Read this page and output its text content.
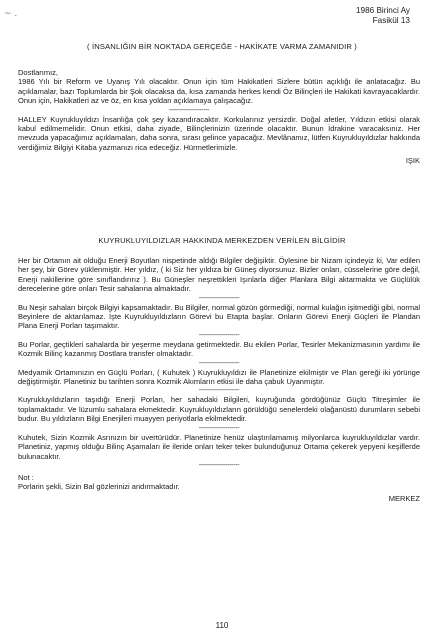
~ .	1986 Birinci Ay
Fasikül 13
( İNSANLIĞIN BİR NOKTADA GERÇEĞE - HAKİKATE VARMA ZAMANIDIR )

Dostlarımız,

1986 Yılı bir Reform ve Uyanış Yılı olacaktır. Onun için tüm Hakikatleri Sizlere bütün açıklığı ile anlatacağız. Bu açıklamalar, bazı Toplumlarda bir Şok olacaksa da, kısa zamanda herkes kendi Öz Bilinçleri ile Hakikati kavrayacaklardır. Onun için, Hakikatleri az ve öz, en kısa yoldan açıklamaya çalışacağız.

--------------------

HALLEY Kuyrukluyıldızı İnsanlığa çok şey kazandıracaktır. Korkularınız yersizdir. Doğal afetler, Yıldızın etkisi olarak kabul edilmemelidir. Onun etkisi, daha ziyade, Bilinçlerinizin üzerinde olacaktır. Bunun İdrakine varacaksınız. Her mevzuda yapacağımız açıklamaları, daha sonra, sırası gelince yapacağız. Mevlânamız, lütfen Kuyrukluyıldızlar hakkında verdiğimiz Bilgiyi Kitaba yazmanızı rica edeceğiz. Hürmetlerimizle.

IŞIK

KUYRUKLUYILDIZLAR HAKKINDA MERKEZDEN VERİLEN BİLGİDİR

Her bir Ortamın ait olduğu Enerji Boyutları nispetinde aldığı Bilgiler değişiktir. Öylesine bir Nizam içindeyiz ki, Var edilen her şey, bir Görev yüklenmiştir. Her yıldız, ( ki Siz her yıldıza bir Güneş diyorsunuz. Bizler onları, cüsselerine göre değil, Enerji nakillerine göre sınıflandırırız ). Bu Güneşler neşrettikleri Işınlarla diğer Planlara Bilgi aktarmakta ve Güçlülük derecelerine göre onları Tesir sahalarına almaktadır.

--------------------

Bu Neşir sahaları birçok Bilgiyi kapsamaktadır. Bu Bilgiler, normal gözün görmediği, normal kulağın işitmediği gibi, normal Beyinlere de aktarılamaz. İşte Kuyrukluyıldızların Görevi bu Etapta başlar. Onların Görevi Enerji Güçleri ile Plandan Plana Enerji Porları taşımaktır.

--------------------

Bu Porlar, geçtikleri sahalarda bir yeşerme meydana getirmektedir. Bu ekilen Porlar, Tesirler Mekanizmasının yardımı ile Kozmik Bilinç kazanmış Dostlara transfer olmaktadır.

--------------------

Medyamik Ortamınızın en Güçlü Porları, ( Kuhutek ) Kuyrukluyıldızı ile Planetinize ekilmiştir ve Plan gereği iki yörünge değiştirmiştir. Planetiniz bu tarihten sonra Kozmik Akımların etkisi ile daha çabuk Uyanmıştır.

--------------------

Kuyrukluyıldızların taşıdığı Enerji Porları, her sahadaki Bilgileri, kuyruğunda gördüğünüz Güçlü Titreşimler ile toplamaktadır. Ve lüzumlu sahalara ekmektedir. Kuyrukluyıldızların görüldüğü senelerdeki olağanüstü durumların sebebi budur. Bu yıldızların Bilgi Enerjileri muayyen periyotlarla ekilmektedir.

--------------------

Kuhutek, Sizin Kozmik Asrınızın bir uvertürüdür. Planetinize henüz ulaştırılamamış milyonlarca kuyrukluyıldızlar vardır. Planetiniz, yapmış olduğu Bilinç Aşamaları ile ileride onları teker teker bulunduğunuz Ortama çekerek yepyeni keşiflerde bulunacaktır.

--------------------

Not :

Porlarin şekli, Sizin Bal gözlerinizi andırmaktadır.

MERKEZ

110
